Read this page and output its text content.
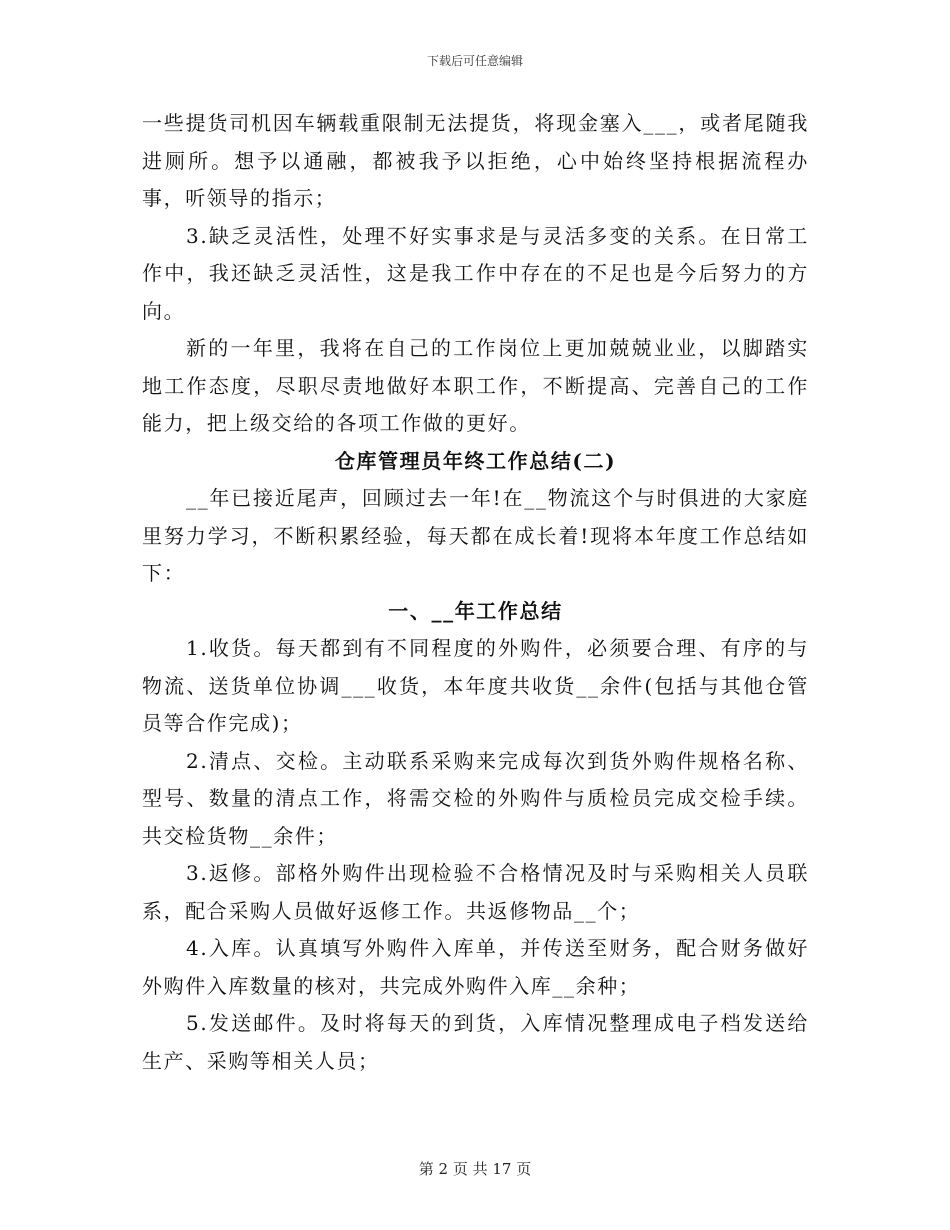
下载后可任意编辑

一些提货司机因车辆载重限制无法提货，将现金塞入___，或者尾随我进厕所。想予以通融，都被我予以拒绝，心中始终坚持根据流程办事，听领导的指示；

3.缺乏灵活性，处理不好实事求是与灵活多变的关系。在日常工作中，我还缺乏灵活性，这是我工作中存在的不足也是今后努力的方向。

新的一年里，我将在自己的工作岗位上更加兢兢业业，以脚踏实地工作态度，尽职尽责地做好本职工作，不断提高、完善自己的工作能力，把上级交给的各项工作做的更好。

仓库管理员年终工作总结(二)

__年已接近尾声，回顾过去一年!在__物流这个与时俱进的大家庭里努力学习，不断积累经验，每天都在成长着!现将本年度工作总结如下：

一、__年工作总结

1.收货。每天都到有不同程度的外购件，必须要合理、有序的与物流、送货单位协调___收货，本年度共收货__余件(包括与其他仓管员等合作完成)；

2.清点、交检。主动联系采购来完成每次到货外购件规格名称、型号、数量的清点工作，将需交检的外购件与质检员完成交检手续。共交检货物__余件；

3.返修。部格外购件出现检验不合格情况及时与采购相关人员联系，配合采购人员做好返修工作。共返修物品__个；

4.入库。认真填写外购件入库单，并传送至财务，配合财务做好外购件入库数量的核对，共完成外购件入库__余种；

5.发送邮件。及时将每天的到货，入库情况整理成电子档发送给生产、采购等相关人员；

第 2 页 共 17 页
